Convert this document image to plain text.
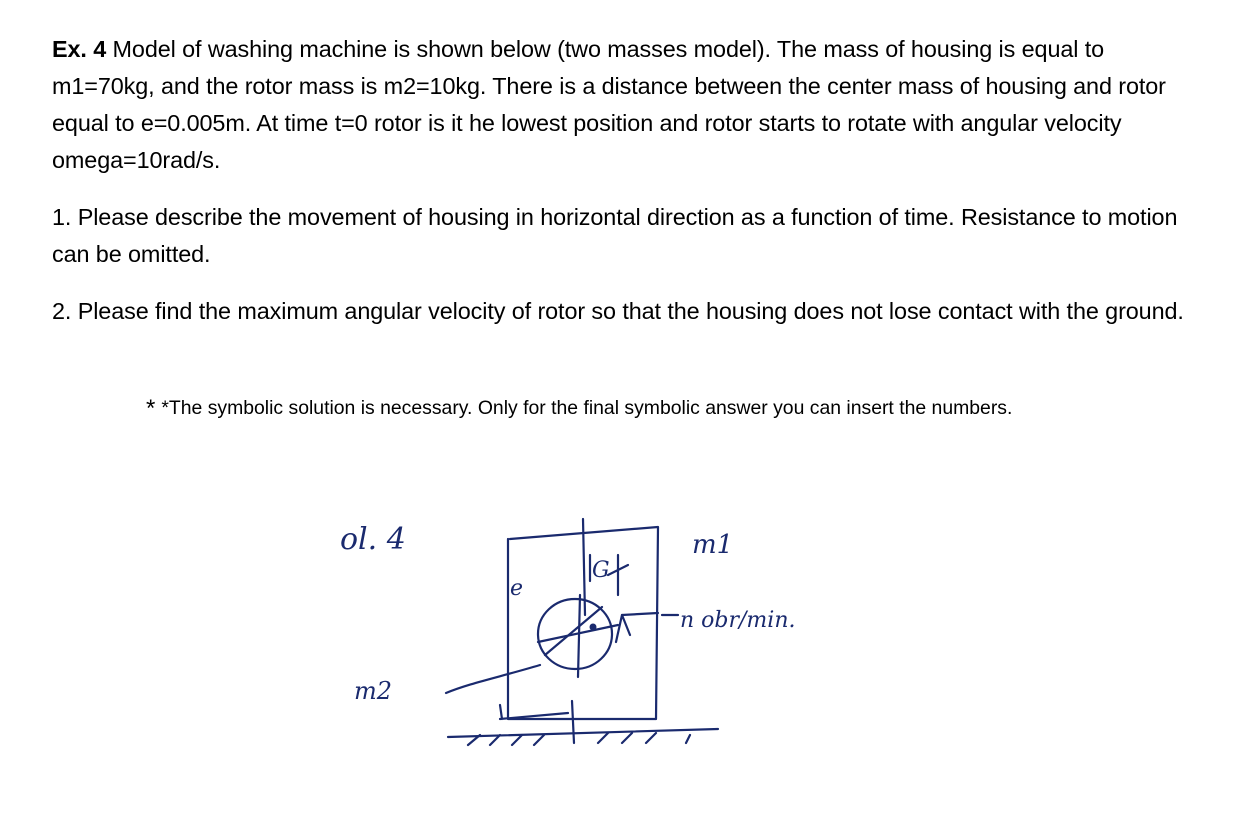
Ex. 4 Model of washing machine is shown below (two masses model). The mass of housing is equal to m1=70kg, and the rotor mass is m2=10kg. There is a distance between the center mass of housing and rotor equal to e=0.005m. At time t=0 rotor is it he lowest position and rotor starts to rotate with angular velocity omega=10rad/s.

1. Please describe the movement of housing in horizontal direction as a function of time. Resistance to motion can be omitted.

2. Please find the maximum angular velocity of rotor so that the housing does not lose contact with the ground.

* *The symbolic solution is necessary. Only for the final symbolic answer you can insert the numbers.
ol. 4
G
e
m1
n obr/min.
m2
